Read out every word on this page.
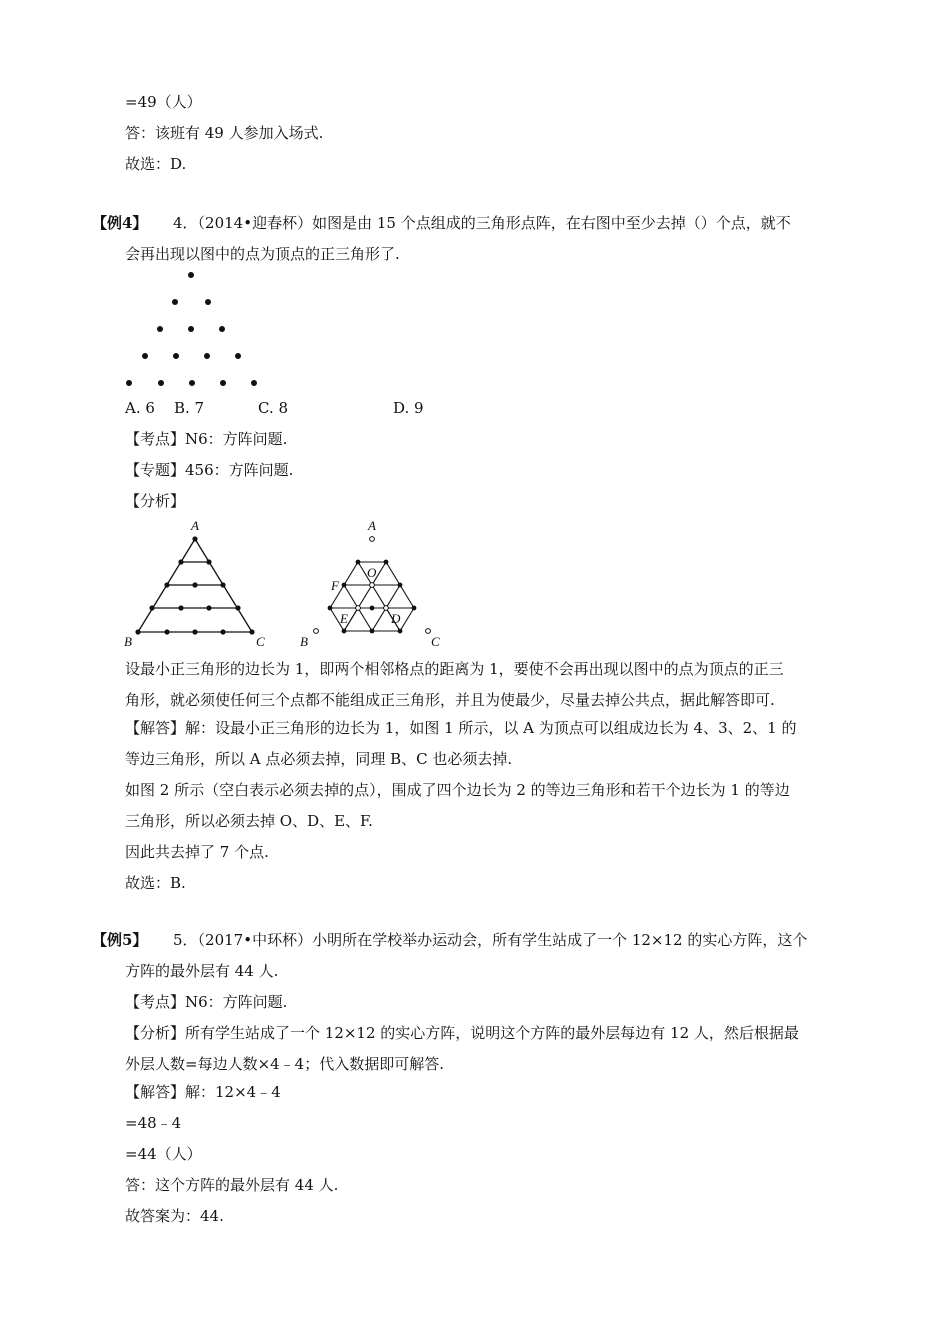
=49（人）
答：该班有 49 人参加入场式.
故选：D.
【例4】 4．（2014•迎春杯）如图是由 15 个点组成的三角形点阵，在右图中至少去掉（）个点，就不
会再出现以图中的点为顶点的正三角形了.
A. 6 B. 7	C. 8	D. 9
【考点】N6：方阵问题.
【专题】456：方阵问题.
【分析】
A
B	C
A
O
F
E	D
B	C
设最小正三角形的边长为 1，即两个相邻格点的距离为 1，要使不会再出现以图中的点为顶点的正三
角形，就必须使任何三个点都不能组成正三角形，并且为使最少，尽量去掉公共点，据此解答即可.
【解答】解：设最小正三角形的边长为 1，如图 1 所示，以 A 为顶点可以组成边长为 4、3、2、1 的
等边三角形，所以 A 点必须去掉，同理 B、C 也必须去掉.
如图 2 所示（空白表示必须去掉的点），围成了四个边长为 2 的等边三角形和若干个边长为 1 的等边
三角形，所以必须去掉 O、D、E、F.
因此共去掉了 7 个点.
故选：B.
【例5】 5．（2017•中环杯）小明所在学校举办运动会，所有学生站成了一个 12×12 的实心方阵，这个
方阵的最外层有 44 人.
【考点】N6：方阵问题.
【分析】所有学生站成了一个 12×12 的实心方阵，说明这个方阵的最外层每边有 12 人，然后根据最
外层人数=每边人数×4﹣4；代入数据即可解答.
【解答】解：12×4﹣4
=48﹣4
=44（人）
答：这个方阵的最外层有 44 人.
故答案为：44.
